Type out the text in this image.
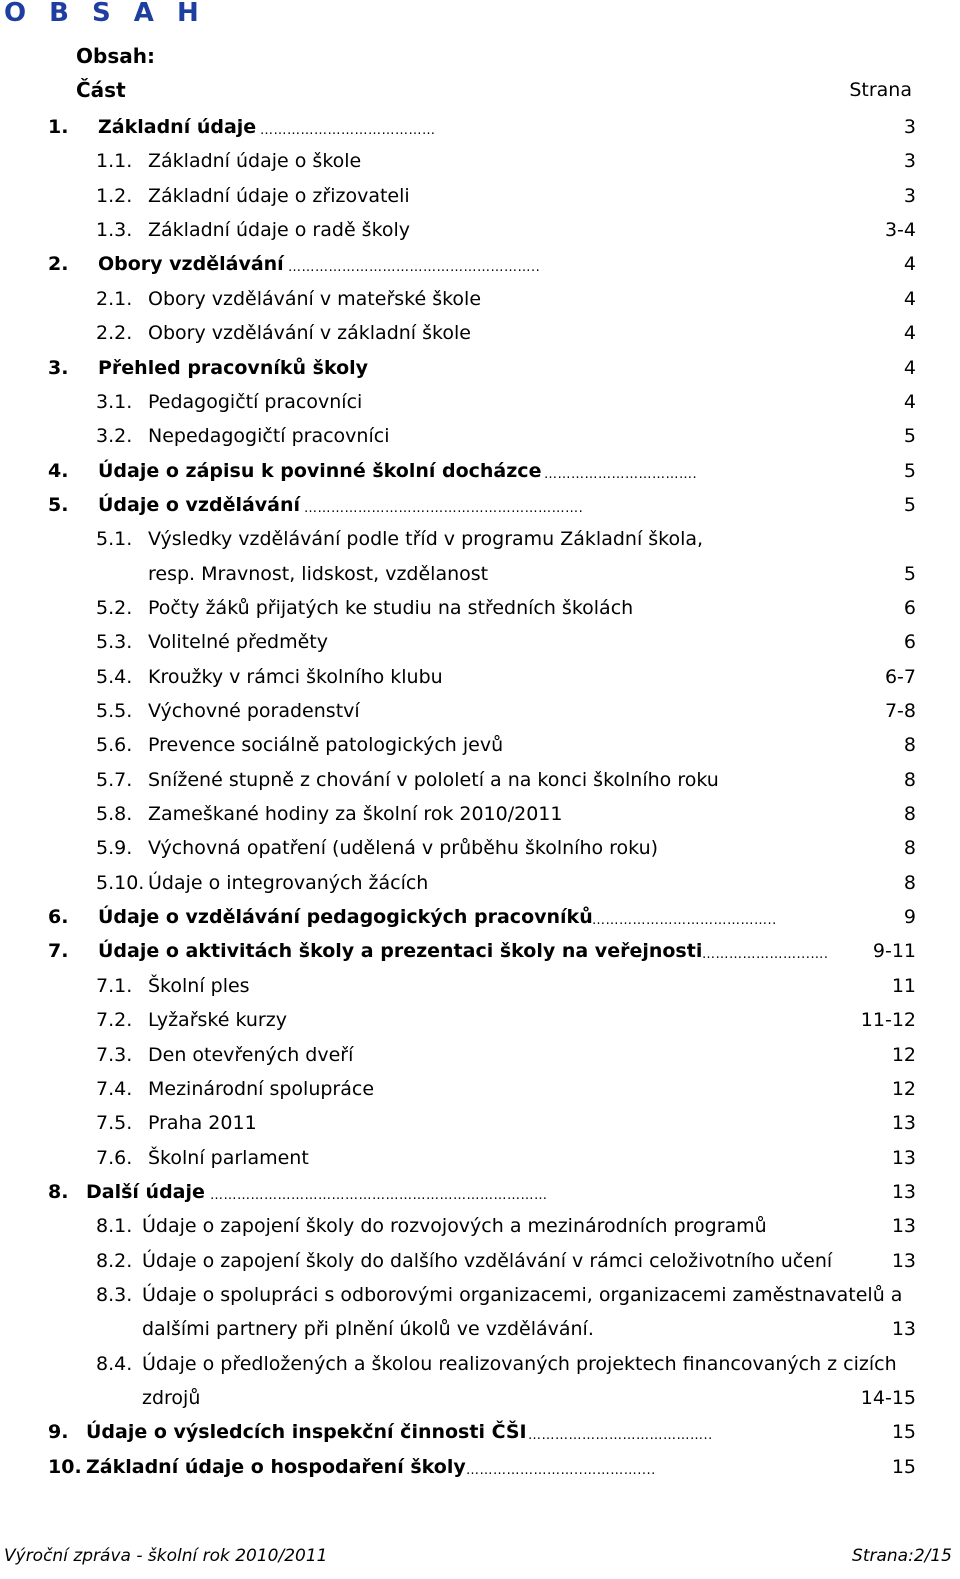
O B S A H
Obsah:
Část	Strana
1. Základní údaje …………………………………	3
1.1. Základní údaje o škole	3
1.2. Základní údaje o zřizovateli	3
1.3. Základní údaje o radě školy	3-4
2. Obory vzdělávání ………………………………………………..	4
2.1. Obory vzdělávání v mateřské škole	4
2.2. Obory vzdělávání v základní škole	4
3. Přehled pracovníků školy	4
3.1. Pedagogičtí pracovníci	4
3.2. Nepedagogičtí pracovníci	5
4. Údaje o zápisu k povinné školní docházce …………………………….	5
5. Údaje o vzdělávání ……………………….…………………………….	5
5.1. Výsledky vzdělávání podle tříd v programu Základní škola,
resp. Mravnost, lidskost, vzdělanost	5
5.2. Počty žáků přijatých ke studiu na středních školách	6
5.3. Volitelné předměty	6
5.4. Kroužky v rámci školního klubu	6-7
5.5. Výchovné poradenství	7-8
5.6. Prevence sociálně patologických jevů	8
5.7. Snížené stupně z chování v pololetí a na konci školního roku	8
5.8. Zameškané hodiny za školní rok 2010/2011	8
5.9. Výchovná opatření (udělená v průběhu školního roku)	8
5.10. Údaje o integrovaných žácích	8
6. Údaje o vzdělávání pedagogických pracovníků …………………………………..	9
7. Údaje o aktivitách školy a prezentaci školy na veřejnosti …………………...….	9-11
7.1. Školní ples	11
7.2. Lyžařské kurzy	11-12
7.3. Den otevřených dveří	12
7.4. Mezinárodní spolupráce	12
7.5. Praha 2011	13
7.6. Školní parlament	13
8. Další údaje …………………………………………………………………	13
8.1. Údaje o zapojení školy do rozvojových a mezinárodních programů	13
8.2. Údaje o zapojení školy do dalšího vzdělávání v rámci celoživotního učení	13
8.3. Údaje o spolupráci s odborovými organizacemi, organizacemi zaměstnavatelů a
dalšími partnery při plnění úkolů ve vzdělávání.	13
8.4. Údaje o předložených a školou realizovaných projektech financovaných z cizích
zdrojů	14-15
9. Údaje o výsledcích inspekční činnosti ČŠI …………………………………..	15
10. Základní údaje o hospodaření školy ……………………..…………....	15
Výroční zpráva - školní rok 2010/2011	Strana:2/15
